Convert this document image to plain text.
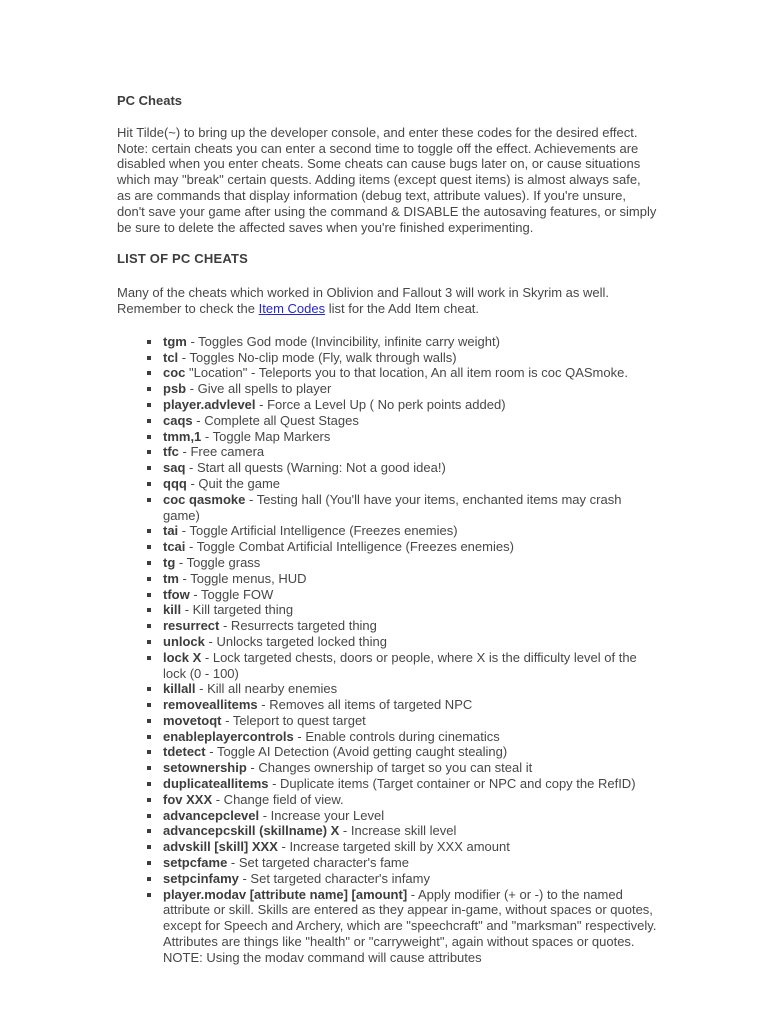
PC Cheats

Hit Tilde(~) to bring up the developer console, and enter these codes for the desired effect. Note: certain cheats you can enter a second time to toggle off the effect. Achievements are disabled when you enter cheats. Some cheats can cause bugs later on, or cause situations which may "break" certain quests. Adding items (except quest items) is almost always safe, as are commands that display information (debug text, attribute values). If you're unsure, don't save your game after using the command & DISABLE the autosaving features, or simply be sure to delete the affected saves when you're finished experimenting.

LIST OF PC CHEATS

Many of the cheats which worked in Oblivion and Fallout 3 will work in Skyrim as well. Remember to check the Item Codes list for the Add Item cheat.

tgm - Toggles God mode (Invincibility, infinite carry weight)
tcl - Toggles No-clip mode (Fly, walk through walls)
coc "Location" - Teleports you to that location, An all item room is coc QASmoke.
psb - Give all spells to player
player.advlevel - Force a Level Up ( No perk points added)
caqs - Complete all Quest Stages
tmm,1 - Toggle Map Markers
tfc - Free camera
saq - Start all quests (Warning: Not a good idea!)
qqq - Quit the game
coc qasmoke - Testing hall (You'll have your items, enchanted items may crash game)
tai - Toggle Artificial Intelligence (Freezes enemies)
tcai - Toggle Combat Artificial Intelligence (Freezes enemies)
tg - Toggle grass
tm - Toggle menus, HUD
tfow - Toggle FOW
kill - Kill targeted thing
resurrect - Resurrects targeted thing
unlock - Unlocks targeted locked thing
lock X - Lock targeted chests, doors or people, where X is the difficulty level of the lock (0 - 100)
killall - Kill all nearby enemies
removeallitems - Removes all items of targeted NPC
movetoqt - Teleport to quest target
enableplayercontrols - Enable controls during cinematics
tdetect - Toggle AI Detection (Avoid getting caught stealing)
setownership - Changes ownership of target so you can steal it
duplicateallitems - Duplicate items (Target container or NPC and copy the RefID)
fov XXX - Change field of view.
advancepclevel - Increase your Level
advancepcskill (skillname) X - Increase skill level
advskill [skill] XXX - Increase targeted skill by XXX amount
setpcfame - Set targeted character's fame
setpcinfamy - Set targeted character's infamy
player.modav [attribute name] [amount] - Apply modifier (+ or -) to the named attribute or skill. Skills are entered as they appear in-game, without spaces or quotes, except for Speech and Archery, which are "speechcraft" and "marksman" respectively. Attributes are things like "health" or "carryweight", again without spaces or quotes. NOTE: Using the modav command will cause attributes
